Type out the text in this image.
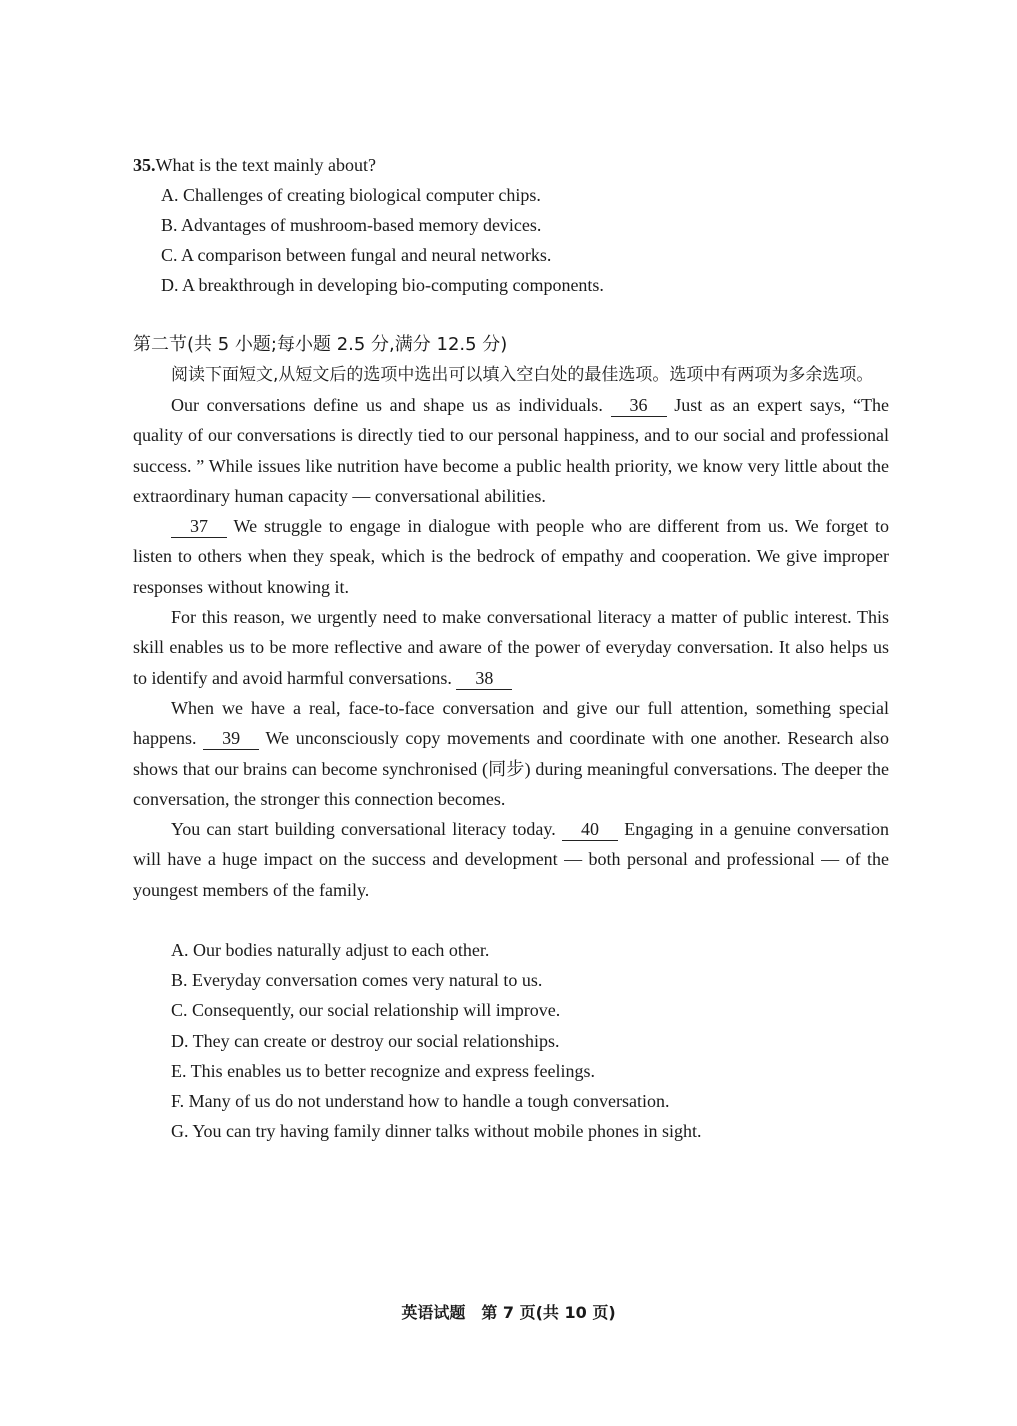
35.What is the text mainly about?
A. Challenges of creating biological computer chips.
B. Advantages of mushroom-based memory devices.
C. A comparison between fungal and neural networks.
D. A breakthrough in developing bio-computing components.
第二节(共 5 小题;每小题 2.5 分,满分 12.5 分)
阅读下面短文,从短文后的选项中选出可以填入空白处的最佳选项。选项中有两项为多余选项。
Our conversations define us and shape us as individuals. 36 Just as an expert says, “The quality of our conversations is directly tied to our personal happiness, and to our social and professional success. ” While issues like nutrition have become a public health priority, we know very little about the extraordinary human capacity — conversational abilities.
37 We struggle to engage in dialogue with people who are different from us. We forget to listen to others when they speak, which is the bedrock of empathy and cooperation. We give improper responses without knowing it.
For this reason, we urgently need to make conversational literacy a matter of public interest. This skill enables us to be more reflective and aware of the power of everyday conversation. It also helps us to identify and avoid harmful conversations. 38
When we have a real, face-to-face conversation and give our full attention, something special happens. 39 We unconsciously copy movements and coordinate with one another. Research also shows that our brains can become synchronised (同步) during meaningful conversations. The deeper the conversation, the stronger this connection becomes.
You can start building conversational literacy today. 40 Engaging in a genuine conversation will have a huge impact on the success and development — both personal and professional — of the youngest members of the family.
A. Our bodies naturally adjust to each other.
B. Everyday conversation comes very natural to us.
C. Consequently, our social relationship will improve.
D. They can create or destroy our social relationships.
E. This enables us to better recognize and express feelings.
F. Many of us do not understand how to handle a tough conversation.
G. You can try having family dinner talks without mobile phones in sight.
英语试题　第 7 页(共 10 页)
